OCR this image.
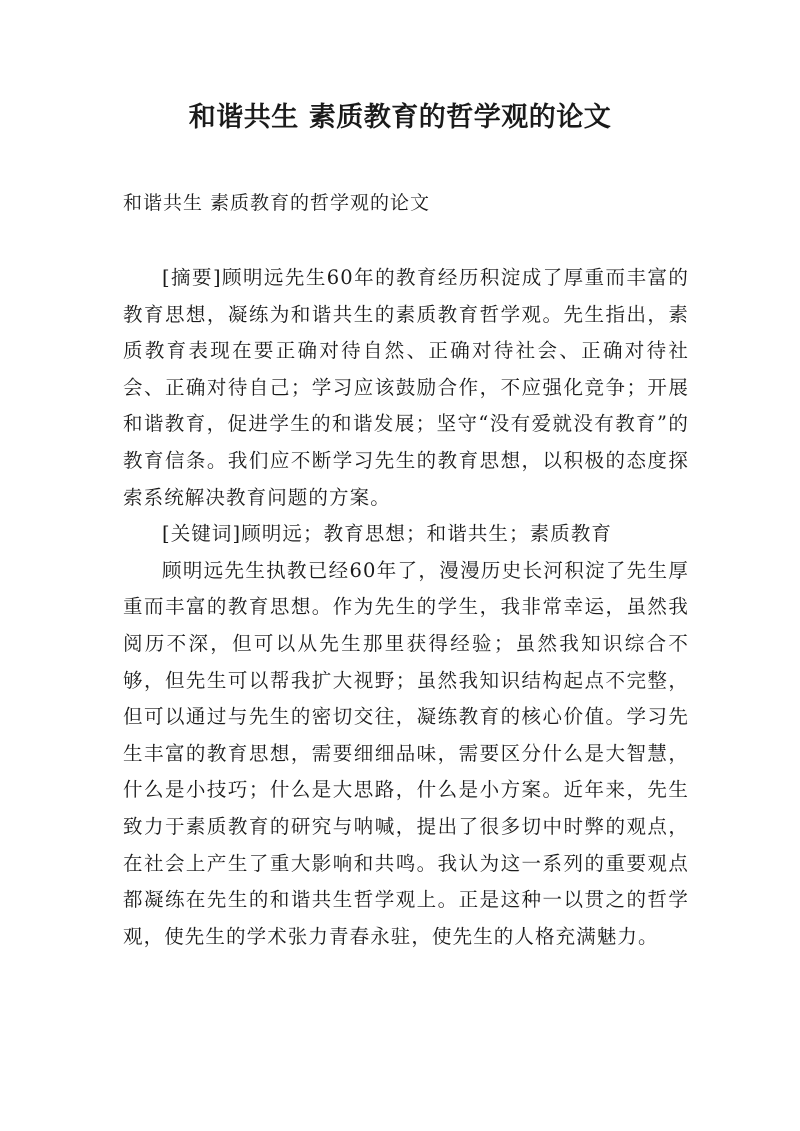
和谐共生 素质教育的哲学观的论文
和谐共生 素质教育的哲学观的论文

[摘要]顾明远先生60年的教育经历积淀成了厚重而丰富的教育思想，凝练为和谐共生的素质教育哲学观。先生指出，素质教育表现在要正确对待自然、正确对待社会、正确对待社会、正确对待自己；学习应该鼓励合作，不应强化竞争；开展和谐教育，促进学生的和谐发展；坚守“没有爱就没有教育”的教育信条。我们应不断学习先生的教育思想，以积极的态度探索系统解决教育问题的方案。

[关键词]顾明远；教育思想；和谐共生；素质教育

顾明远先生执教已经60年了，漫漫历史长河积淀了先生厚重而丰富的教育思想。作为先生的学生，我非常幸运，虽然我阅历不深，但可以从先生那里获得经验；虽然我知识综合不够，但先生可以帮我扩大视野；虽然我知识结构起点不完整，但可以通过与先生的密切交往，凝练教育的核心价值。学习先生丰富的教育思想，需要细细品味，需要区分什么是大智慧，什么是小技巧；什么是大思路，什么是小方案。近年来，先生致力于素质教育的研究与呐喊，提出了很多切中时弊的观点，在社会上产生了重大影响和共鸣。我认为这一系列的重要观点都凝练在先生的和谐共生哲学观上。正是这种一以贯之的哲学观，使先生的学术张力青春永驻，使先生的人格充满魅力。
